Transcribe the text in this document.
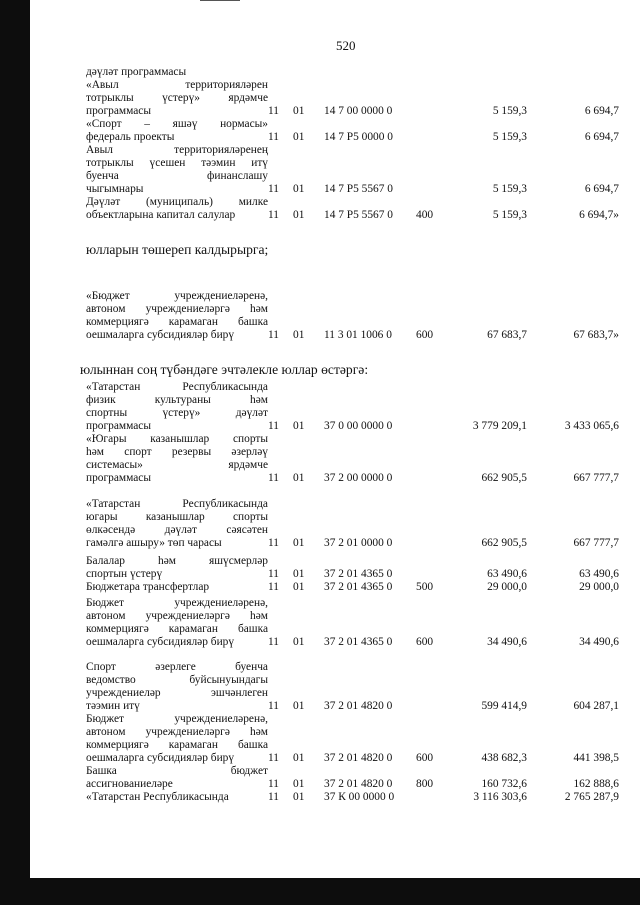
520
юлларын төшереп калдырырга;
юлыннан соң түбәндәге эчтәлекле юллар өстәргә:
дәүләт программасы
«Авыл территорияләрен
тотрыклы үстерү» ярдәмче
программасы	11 01 14 7 00 0000 0	5 159,3	6 694,7
«Спорт – яшәү нормасы»
федераль проекты	11 01 14 7 Р5 0000 0	5 159,3	6 694,7
Авыл территорияләренең
тотрыклы үсешен тәэмин итү
буенча финанслашу
чыгымнары	11 01 14 7 Р5 5567 0	5 159,3	6 694,7
Дәүләт (муниципаль) милке
объектларына капитал салулар	11 01 14 7 Р5 5567 0 400	5 159,3	6 694,7»
«Бюджет учреждениеләренә,
автоном учреждениеләргә һәм
коммерциягә карамаган башка
оешмаларга субсидияләр бирү	11 01 11 3 01 1006 0 600	67 683,7	67 683,7»
«Татарстан Республикасында
физик культураны һәм
спортны үстерү» дәүләт
программасы	11 01 37 0 00 0000 0	3 779 209,1	3 433 065,6
«Югары казанышлар спорты
һәм спорт резервы әзерләү
системасы» ярдәмче
программасы	11 01 37 2 00 0000 0	662 905,5	667 777,7
«Татарстан Республикасында
югары казанышлар спорты
өлкәсендә дәүләт сәясәтен
гамәлгә ашыру» төп чарасы	11 01 37 2 01 0000 0	662 905,5	667 777,7
Балалар һәм яшүсмерләр
спортын үстерү	11 01 37 2 01 4365 0	63 490,6	63 490,6
Бюджетара трансфертлар	11 01 37 2 01 4365 0 500	29 000,0	29 000,0
Бюджет учреждениеләренә,
автоном учреждениеләргә һәм
коммерциягә карамаган башка
оешмаларга субсидияләр бирү	11 01 37 2 01 4365 0 600	34 490,6	34 490,6
Спорт әзерлеге буенча
ведомство буйсынуындагы
учреждениеләр эшчәнлеген
тәэмин итү	11 01 37 2 01 4820 0	599 414,9	604 287,1
Бюджет учреждениеләренә,
автоном учреждениеләргә һәм
коммерциягә карамаган башка
оешмаларга субсидияләр бирү	11 01 37 2 01 4820 0 600	438 682,3	441 398,5
Башка бюджет
ассигнованиеләре	11 01 37 2 01 4820 0 800	160 732,6	162 888,6
«Татарстан Республикасында	11 01 37 К 00 0000 0	3 116 303,6	2 765 287,9
